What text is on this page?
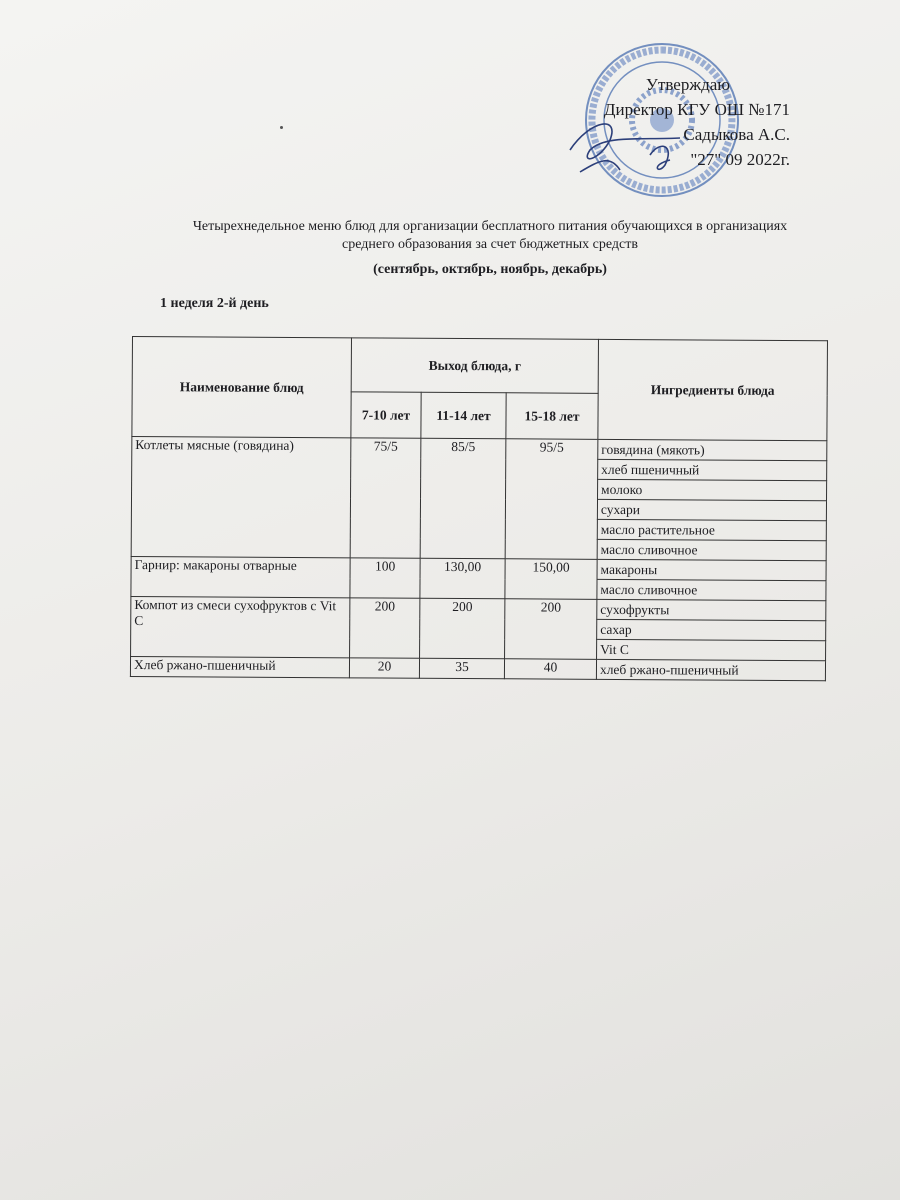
Утверждаю
Директор КГУ ОШ №171
Садыкова А.С.
"27" 09 2022г.
Четырехнедельное меню блюд для организации бесплатного питания обучающихся в организациях
среднего образования за счет бюджетных средств
(сентябрь, октябрь, ноябрь, декабрь)
1 неделя 2-й день
Наименование блюд	Выход блюда, г			Ингредиенты блюда
	7-10 лет	11-14 лет	15-18 лет	
Котлеты мясные (говядина)	75/5	85/5	95/5	говядина (мякоть)
				хлеб пшеничный
				молоко
				сухари
				масло растительное
				масло сливочное
Гарнир: макароны отварные	100	130,00	150,00	макароны
				масло сливочное
Компот из смеси сухофруктов с Vit C	200	200	200	сухофрукты
				сахар
				Vit C
Хлеб ржано-пшеничный	20	35	40	хлеб ржано-пшеничный
